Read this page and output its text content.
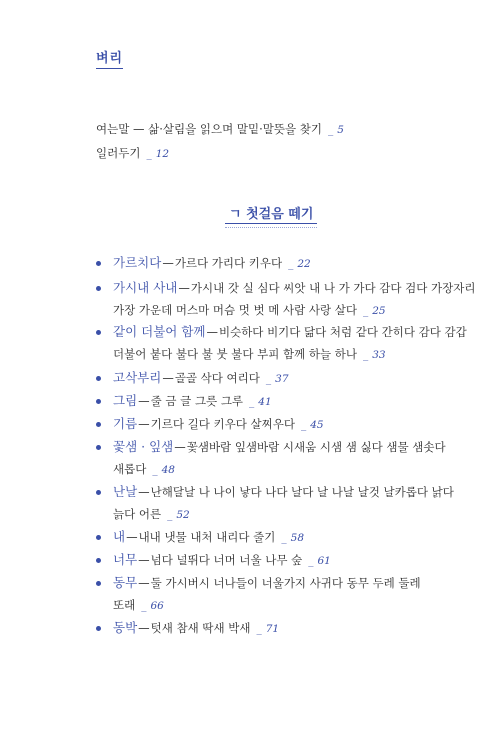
벼리
여는말 — 삶·살림을 읽으며 말밑·말뜻을 찾기 _ 5
일러두기 _ 12
ㄱ 첫걸음 떼기
가르치다—가르다 가리다 키우다 _ 22
가시내 사내—가시내 갓 실 심다 씨앗 내 나 가 가다 감다 검다 가장자리
가장 가운데 머스마 머슴 멋 벗 메 사람 사랑 살다 _ 25
같이 더불어 함께—비슷하다 비기다 닮다 처럼 같다 간히다 감다 감갑
더불어 붙다 불다 불 붓 불다 부피 함께 하늘 하나 _ 33
고삭부리—골골 삭다 여리다 _ 37
그림—줄 금 글 그릇 그루 _ 41
기름—기르다 길다 키우다 살찌우다 _ 45
꽃샘 · 잎샘—꽃샘바람 잎샘바람 시새움 시샘 샘 싫다 샘물 샘솟다
새롭다 _ 48
난날—난해달날 나 나이 낳다 나다 날다 날 나날 날것 날카롭다 낡다
늙다 어른 _ 52
내—내내 냇물 내처 내리다 줄기 _ 58
너무—넘다 널뛰다 너머 너울 나무 숲 _ 61
동무—둘 가시버시 너나들이 너울가지 사귀다 동무 두레 둘레
또래 _ 66
동박—텃새 참새 딱새 박새 _ 71
